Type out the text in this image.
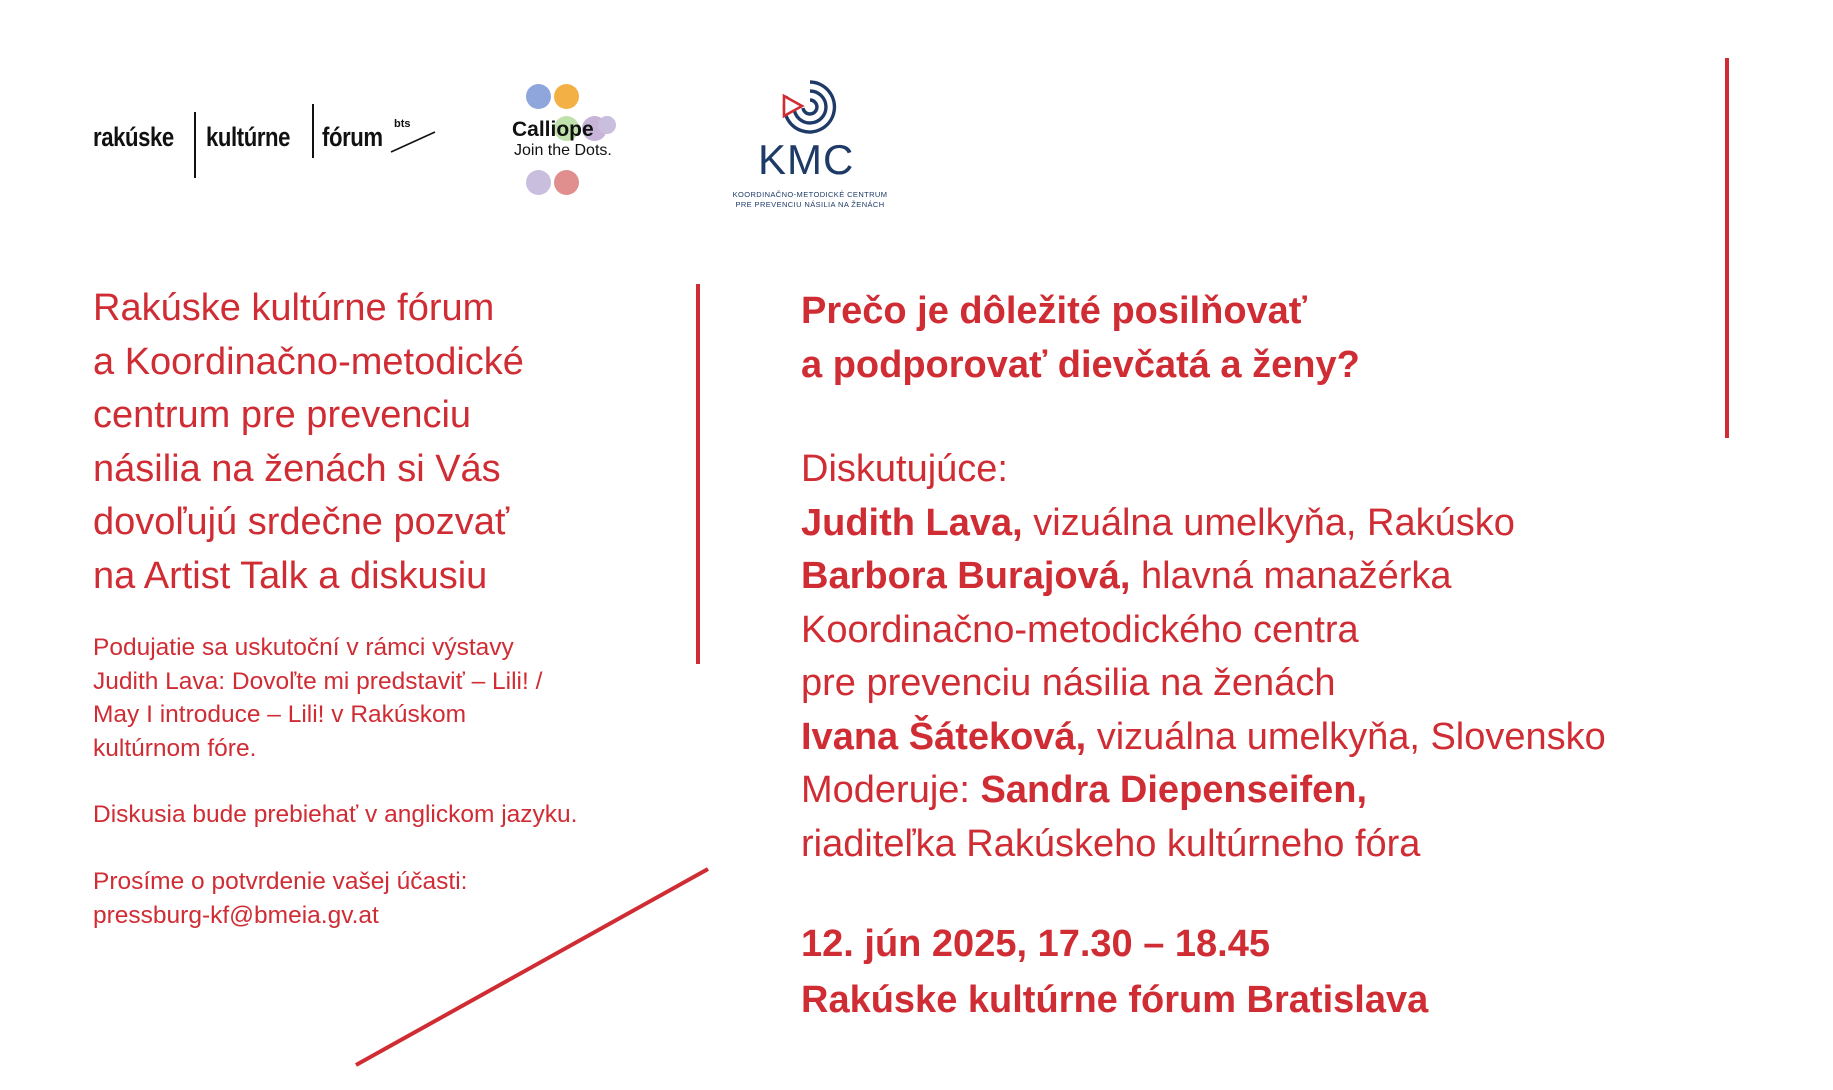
rakúske kultúrne fórum bts	Calliope
Join the Dots.	KMC
KOORDINAČNO-METODICKÉ CENTRUM
PRE PREVENCIU NÁSILIA NA ŽENÁCH
Rakúske kultúrne fórum
a Koordinačno-metodické
centrum pre prevenciu
násilia na ženách si Vás
dovoľujú srdečne pozvať
na Artist Talk a diskusiu
Podujatie sa uskutoční v rámci výstavy
Judith Lava: Dovoľte mi predstaviť – Lili! /
May I introduce – Lili! v Rakúskom
kultúrnom fóre.
Diskusia bude prebiehať v anglickom jazyku.
Prosíme o potvrdenie vašej účasti:
pressburg-kf@bmeia.gv.at
Prečo je dôležité posilňovať
a podporovať dievčatá a ženy?
Diskutujúce:
Judith Lava, vizuálna umelkyňa, Rakúsko
Barbora Burajová, hlavná manažérka
Koordinačno-metodického centra
pre prevenciu násilia na ženách
Ivana Šáteková, vizuálna umelkyňa, Slovensko
Moderuje: Sandra Diepenseifen,
riaditeľka Rakúskeho kultúrneho fóra
12. jún 2025, 17.30 – 18.45
Rakúske kultúrne fórum Bratislava
